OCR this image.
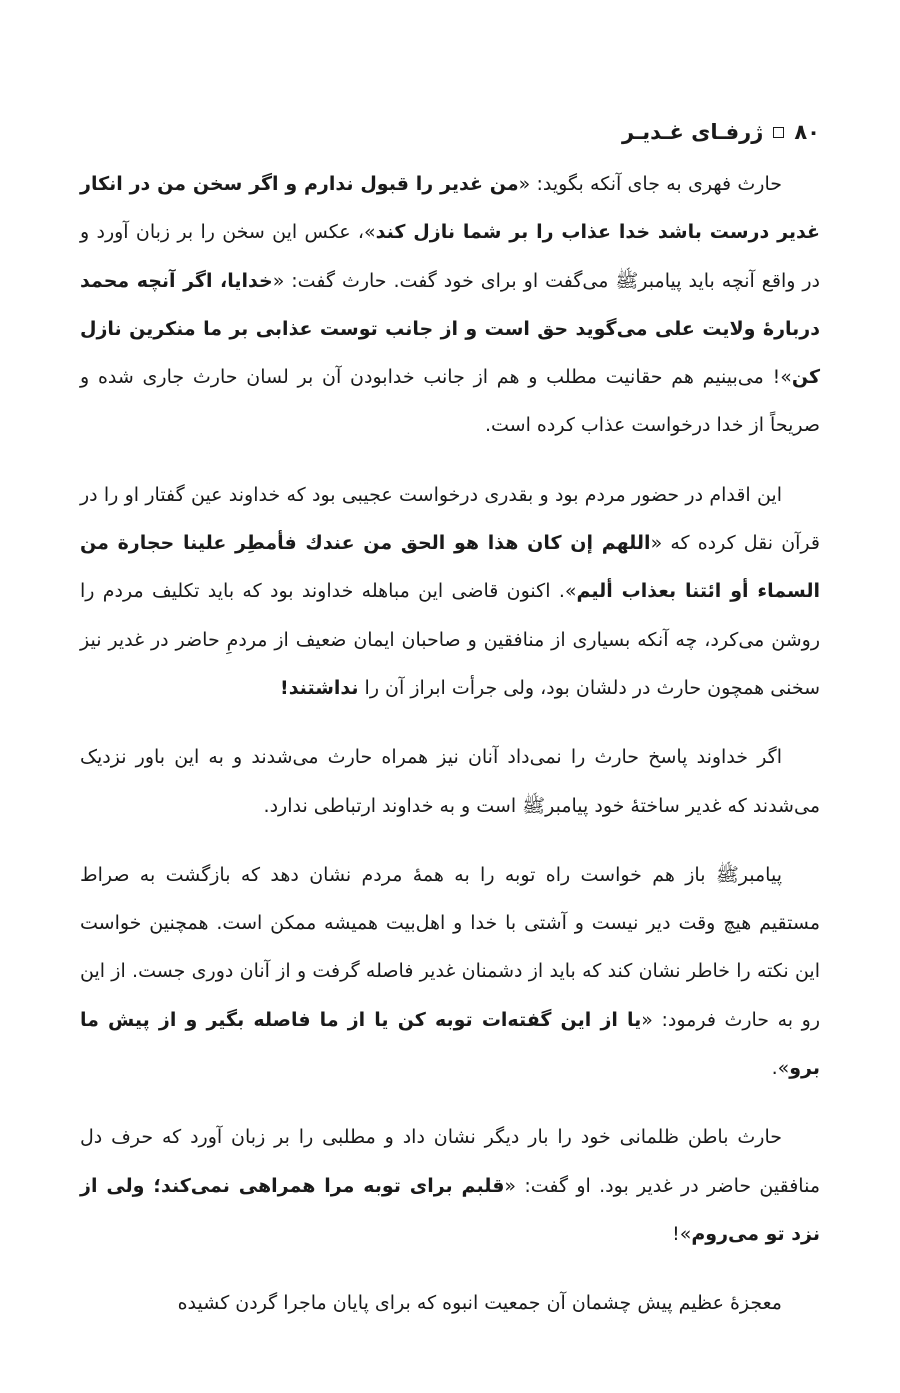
۸۰
ژرفـای غـدیـر

حارث فهری به جای آنکه بگوید: «من غدیر را قبول ندارم و اگر سخن من در انکار غدیر درست باشد خدا عذاب را بر شما نازل کند»، عکس این سخن را بر زبان آورد و در واقع آنچه باید پیامبرﷺ می‌گفت او برای خود گفت. حارث گفت: «خدایا، اگر آنچه محمد دربارهٔ ولایت علی می‌گوید حق است و از جانب توست عذابی بر ما منکرین نازل کن»! می‌بینیم هم حقانیت مطلب و هم از جانب خدابودن آن بر لسان حارث جاری شده و صریحاً از خدا درخواست عذاب کرده است.

این اقدام در حضور مردم بود و بقدری درخواست عجیبی بود که خداوند عین گفتار او را در قرآن نقل کرده که «اللهم إن كان هذا هو الحق من عندك فأمطِر علينا حجارة من السماء أو ائتنا بعذاب أليم». اکنون قاضی این مباهله خداوند بود که باید تکلیف مردم را روشن می‌کرد، چه آنکه بسیاری از منافقین و صاحبان ایمان ضعیف از مردمِ حاضر در غدیر نیز سخنی همچون حارث در دلشان بود، ولی جرأت ابراز آن را نداشتند!

اگر خداوند پاسخ حارث را نمی‌داد آنان نیز همراه حارث می‌شدند و به این باور نزدیک می‌شدند که غدیر ساختهٔ خود پیامبرﷺ است و به خداوند ارتباطی ندارد.

پیامبرﷺ باز هم خواست راه توبه را به همهٔ مردم نشان دهد که بازگشت به صراط مستقیم هیچ وقت دیر نیست و آشتی با خدا و اهل‌بیت همیشه ممکن است. همچنین خواست این نکته را خاطر نشان کند که باید از دشمنان غدیر فاصله گرفت و از آنان دوری جست. از این رو به حارث فرمود: «یا از این گفته‌ات توبه کن یا از ما فاصله بگیر و از پیش ما برو».

حارث باطن ظلمانی خود را بار دیگر نشان داد و مطلبی را بر زبان آورد که حرف دل منافقین حاضر در غدیر بود. او گفت: «قلبم برای توبه مرا همراهی نمی‌کند؛ ولی از نزد تو می‌روم»!

معجزهٔ عظیم پیش چشمان آن جمعیت انبوه که برای پایان ماجرا گردن کشیده
